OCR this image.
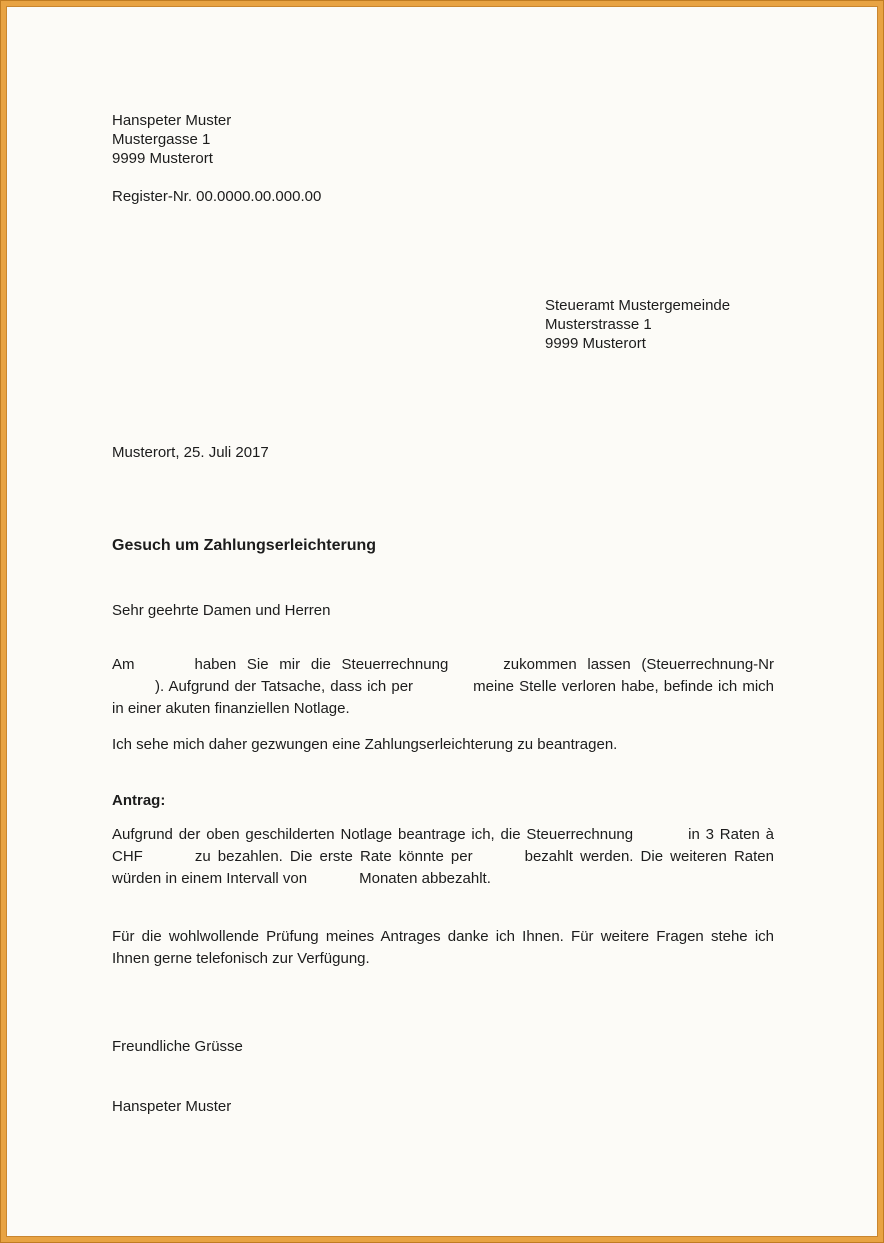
Hanspeter Muster
Mustergasse 1
9999 Musterort
Register-Nr. 00.0000.00.000.00
Steueramt Mustergemeinde
Musterstrasse 1
9999 Musterort
Musterort, 25. Juli 2017
Gesuch um Zahlungserleichterung
Sehr geehrte Damen und Herren

Am	haben Sie mir die Steuerrechnung	zukommen lassen (Steuerrechnung-Nr). Aufgrund der Tatsache, dass ich per	meine Stelle verloren habe, befinde ich mich in einer akuten finanziellen Notlage.

Ich sehe mich daher gezwungen eine Zahlungserleichterung zu beantragen.

Antrag:

Aufgrund der oben geschilderten Notlage beantrage ich, die Steuerrechnung	in 3 Raten à CHF	zu bezahlen. Die erste Rate könnte per	bezahlt werden. Die weiteren Raten würden in einem Intervall von	Monaten abbezahlt.

Für die wohlwollende Prüfung meines Antrages danke ich Ihnen. Für weitere Fragen stehe ich Ihnen gerne telefonisch zur Verfügung.

Freundliche Grüsse
Hanspeter Muster
